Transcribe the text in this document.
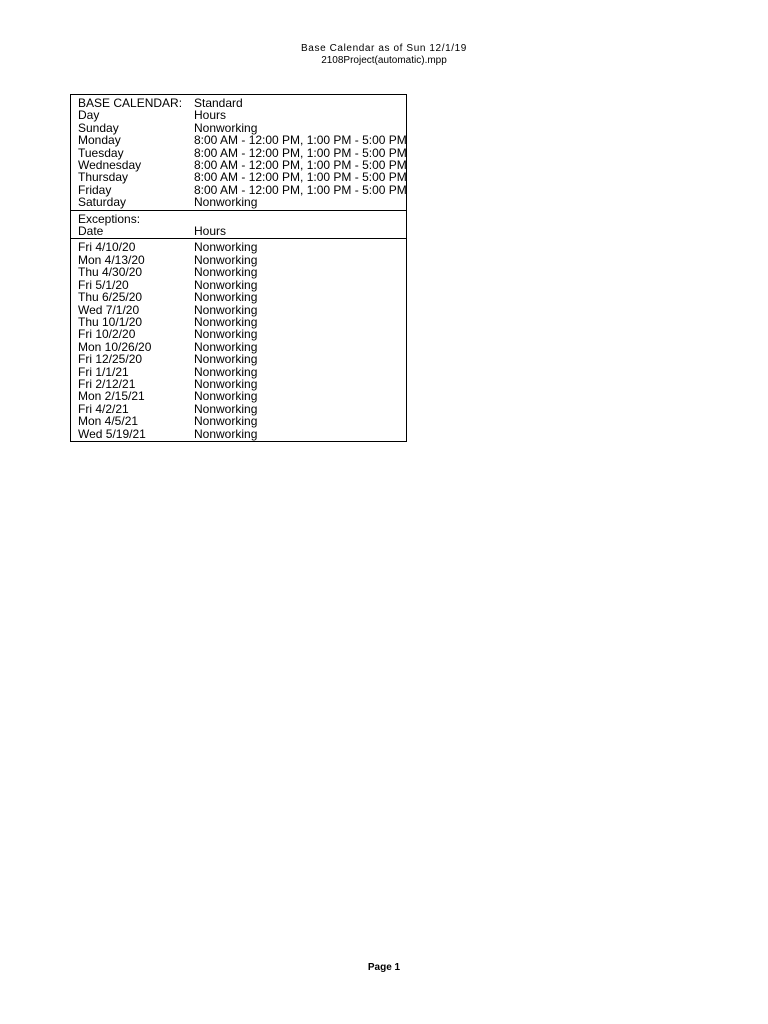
Base Calendar as of Sun 12/1/19
2108Project(automatic).mpp
BASE CALENDAR: Standard
Day	Hours
Sunday	Nonworking
Monday	8:00 AM - 12:00 PM, 1:00 PM - 5:00 PM
Tuesday	8:00 AM - 12:00 PM, 1:00 PM - 5:00 PM
Wednesday	8:00 AM - 12:00 PM, 1:00 PM - 5:00 PM
Thursday	8:00 AM - 12:00 PM, 1:00 PM - 5:00 PM
Friday	8:00 AM - 12:00 PM, 1:00 PM - 5:00 PM
Saturday	Nonworking
Exceptions:
Date	Hours
Fri 4/10/20	Nonworking
Mon 4/13/20	Nonworking
Thu 4/30/20	Nonworking
Fri 5/1/20	Nonworking
Thu 6/25/20	Nonworking
Wed 7/1/20	Nonworking
Thu 10/1/20	Nonworking
Fri 10/2/20	Nonworking
Mon 10/26/20	Nonworking
Fri 12/25/20	Nonworking
Fri 1/1/21	Nonworking
Fri 2/12/21	Nonworking
Mon 2/15/21	Nonworking
Fri 4/2/21	Nonworking
Mon 4/5/21	Nonworking
Wed 5/19/21	Nonworking
Page 1
